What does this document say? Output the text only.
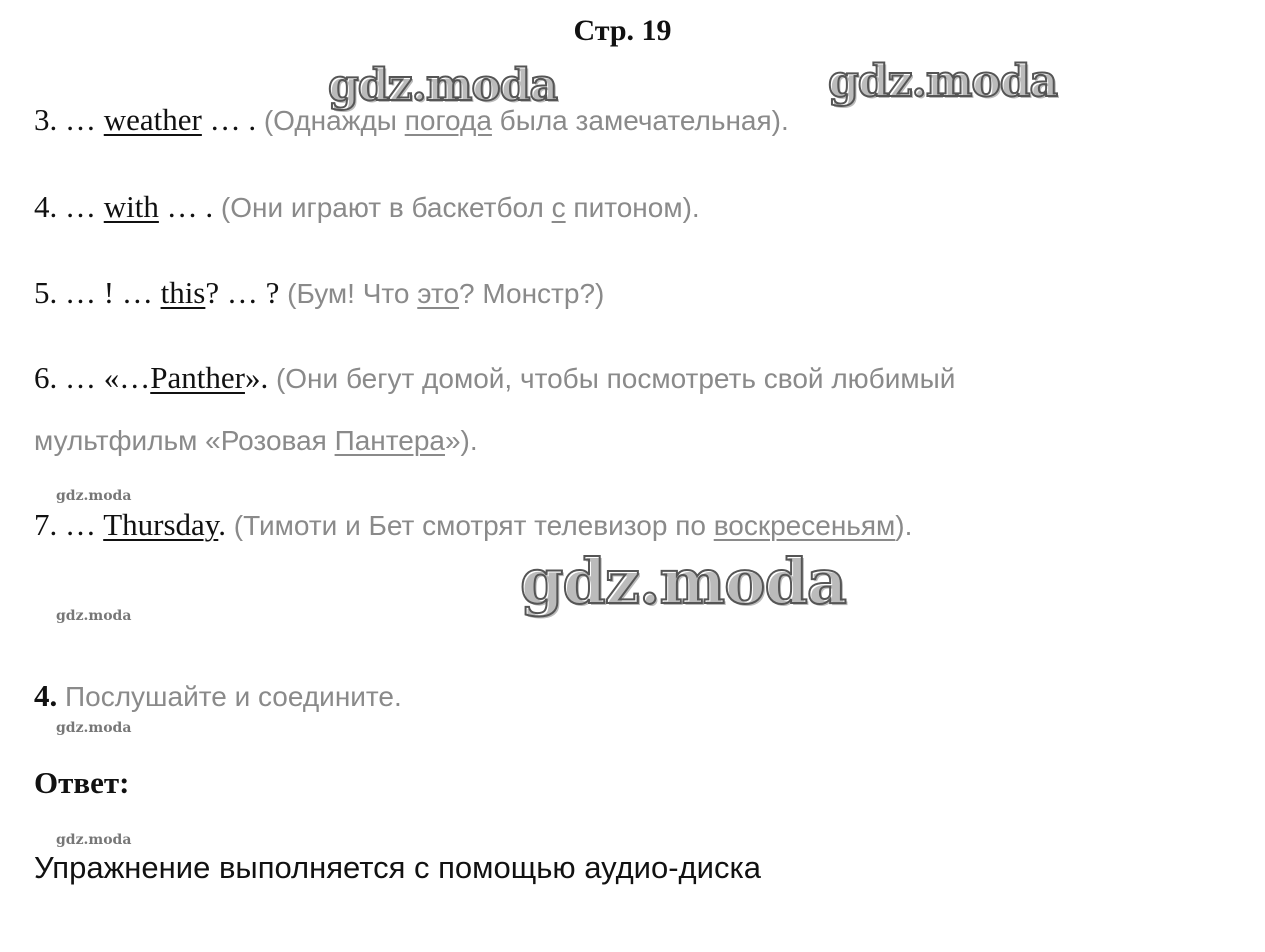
Стр. 19
gdz.moda	gdz.moda
gdz.moda
gdz.moda
gdz.moda
gdz.moda
gdz.moda
3. … weather … . (Однажды погода была замечательная).
4. … with … . (Они играют в баскетбол с питоном).
5. … ! … this? … ? (Бум! Что это? Монстр?)
6. … «…Panther». (Они бегут домой, чтобы посмотреть свой любимый
мультфильм «Розовая Пантера»).
7. … Thursday. (Тимоти и Бет смотрят телевизор по воскресеньям).
4. Послушайте и соедините.
Ответ:
Упражнение выполняется с помощью аудио-диска
